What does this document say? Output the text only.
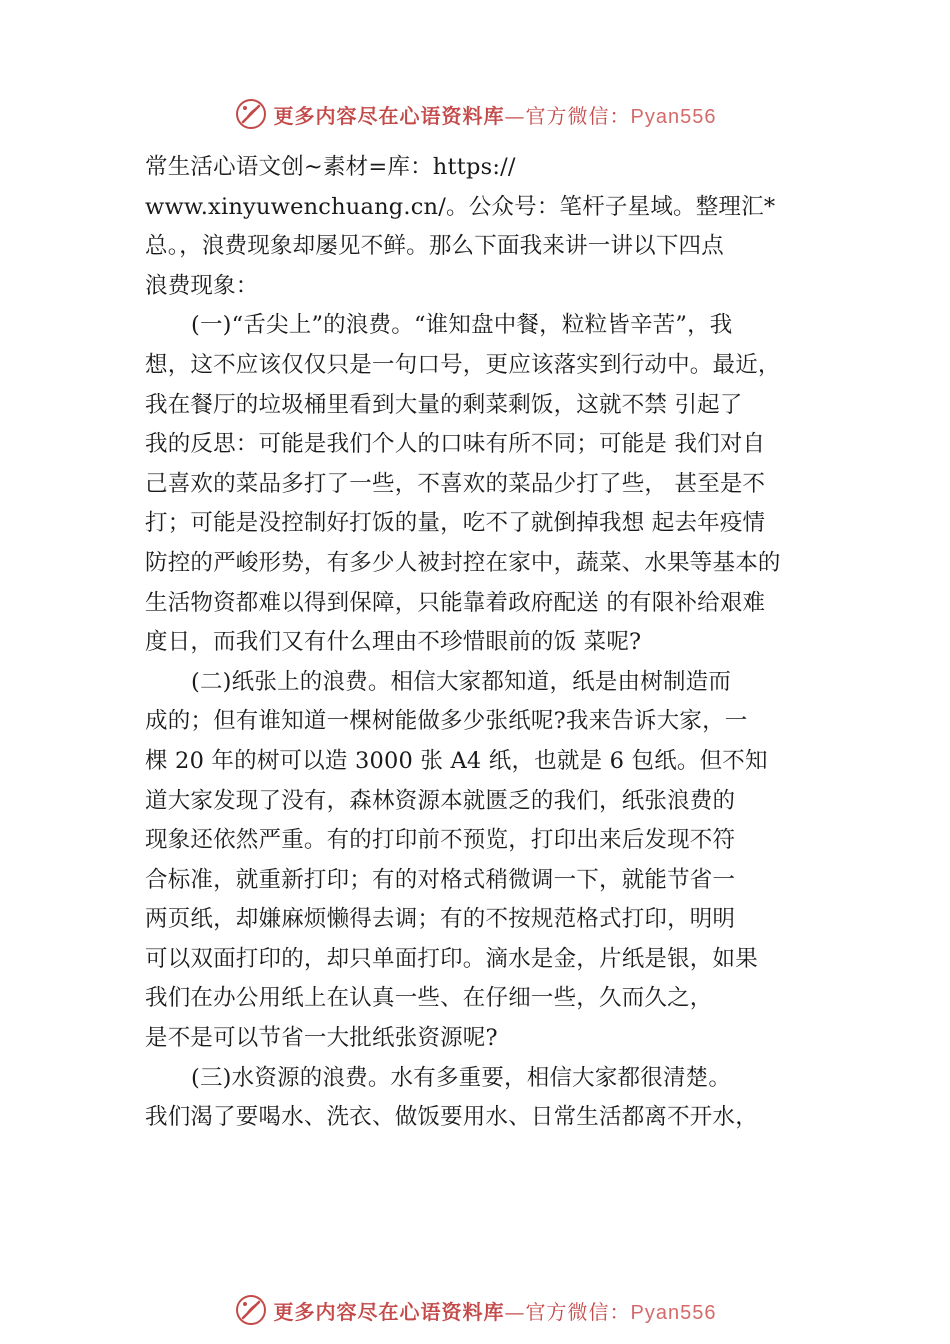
更多内容尽在心语资料库—官方微信：Pyan556
常生活心语文创~素材=库：https://
www.xinyuwenchuang.cn/。公众号：笔杆子星域。整理汇*
总。，浪费现象却屡见不鲜。那么下面我来讲一讲以下四点
浪费现象：
(一)“舌尖上”的浪费。“谁知盘中餐，粒粒皆辛苦”，我
想，这不应该仅仅只是一句口号，更应该落实到行动中。最近，
我在餐厅的垃圾桶里看到大量的剩菜剩饭，这就不禁 引起了
我的反思：可能是我们个人的口味有所不同；可能是 我们对自
己喜欢的菜品多打了一些，不喜欢的菜品少打了些， 甚至是不
打；可能是没控制好打饭的量，吃不了就倒掉我想 起去年疫情
防控的严峻形势，有多少人被封控在家中，蔬菜、水果等基本的
生活物资都难以得到保障，只能靠着政府配送 的有限补给艰难
度日，而我们又有什么理由不珍惜眼前的饭 菜呢?
(二)纸张上的浪费。相信大家都知道，纸是由树制造而
成的；但有谁知道一棵树能做多少张纸呢?我来告诉大家，一
棵 20 年的树可以造 3000 张 A4 纸，也就是 6 包纸。但不知
道大家发现了没有，森林资源本就匮乏的我们，纸张浪费的
现象还依然严重。有的打印前不预览，打印出来后发现不符
合标准，就重新打印；有的对格式稍微调一下，就能节省一
两页纸，却嫌麻烦懒得去调；有的不按规范格式打印，明明
可以双面打印的，却只单面打印。滴水是金，片纸是银，如果
我们在办公用纸上在认真一些、在仔细一些，久而久之，
是不是可以节省一大批纸张资源呢?
(三)水资源的浪费。水有多重要，相信大家都很清楚。
我们渴了要喝水、洗衣、做饭要用水、日常生活都离不开水，
更多内容尽在心语资料库—官方微信：Pyan556
